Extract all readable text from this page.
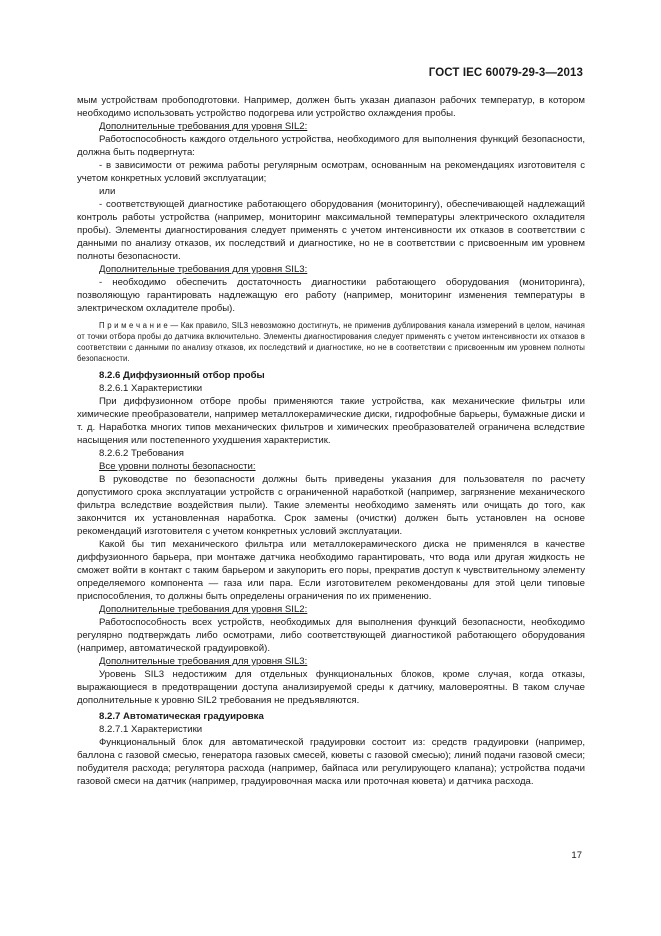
ГОСТ IEC 60079-29-3—2013
мым устройствам пробоподготовки. Например, должен быть указан диапазон рабочих температур, в котором необходимо использовать устройство подогрева или устройство охлаждения пробы.
Дополнительные требования для уровня SIL2:
Работоспособность каждого отдельного устройства, необходимого для выполнения функций безопасности, должна быть подвергнута:
- в зависимости от режима работы регулярным осмотрам, основанным на рекомендациях изготовителя с учетом конкретных условий эксплуатации;
или
- соответствующей диагностике работающего оборудования (мониторингу), обеспечивающей надлежащий контроль работы устройства (например, мониторинг максимальной температуры электрического охладителя пробы). Элементы диагностирования следует применять с учетом интенсивности их отказов в соответствии с данными по анализу отказов, их последствий и диагностике, но не в соответствии с присвоенным им уровнем полноты безопасности.
Дополнительные требования для уровня SIL3:
- необходимо обеспечить достаточность диагностики работающего оборудования (мониторинга), позволяющую гарантировать надлежащую его работу (например, мониторинг изменения температуры в электрическом охладителе пробы).
П р и м е ч а н и е — Как правило, SIL3 невозможно достигнуть, не применив дублирования канала измерений в целом, начиная от точки отбора пробы до датчика включительно. Элементы диагностирования следует применять с учетом интенсивности их отказов в соответствии с данными по анализу отказов, их последствий и диагностике, но не в соответствии с присвоенным им уровнем полноты безопасности.
8.2.6 Диффузионный отбор пробы
8.2.6.1 Характеристики
При диффузионном отборе пробы применяются такие устройства, как механические фильтры или химические преобразователи, например металлокерамические диски, гидрофобные барьеры, бумажные диски и т. д. Наработка многих типов механических фильтров и химических преобразователей ограничена вследствие насыщения или постепенного ухудшения характеристик.
8.2.6.2 Требования
Все уровни полноты безопасности:
В руководстве по безопасности должны быть приведены указания для пользователя по расчету допустимого срока эксплуатации устройств с ограниченной наработкой (например, загрязнение механического фильтра вследствие воздействия пыли). Такие элементы необходимо заменять или очищать до того, как закончится их установленная наработка. Срок замены (очистки) должен быть установлен на основе рекомендаций изготовителя с учетом конкретных условий эксплуатации.
Какой бы тип механического фильтра или металлокерамического диска не применялся в качестве диффузионного барьера, при монтаже датчика необходимо гарантировать, что вода или другая жидкость не сможет войти в контакт с таким барьером и закупорить его поры, прекратив доступ к чувствительному элементу определяемого компонента — газа или пара. Если изготовителем рекомендованы для этой цели типовые приспособления, то должны быть определены ограничения по их применению.
Дополнительные требования для уровня SIL2:
Работоспособность всех устройств, необходимых для выполнения функций безопасности, необходимо регулярно подтверждать либо осмотрами, либо соответствующей диагностикой работающего оборудования (например, автоматической градуировкой).
Дополнительные требования для уровня SIL3:
Уровень SIL3 недостижим для отдельных функциональных блоков, кроме случая, когда отказы, выражающиеся в предотвращении доступа анализируемой среды к датчику, маловероятны. В таком случае дополнительные к уровню SIL2 требования не предъявляются.
8.2.7 Автоматическая градуировка
8.2.7.1 Характеристики
Функциональный блок для автоматической градуировки состоит из: средств градуировки (например, баллона с газовой смесью, генератора газовых смесей, кюветы с газовой смесью); линий подачи газовой смеси; побудителя расхода; регулятора расхода (например, байпаса или регулирующего клапана); устройства подачи газовой смеси на датчик (например, градуировочная маска или проточная кювета) и датчика расхода.
17
